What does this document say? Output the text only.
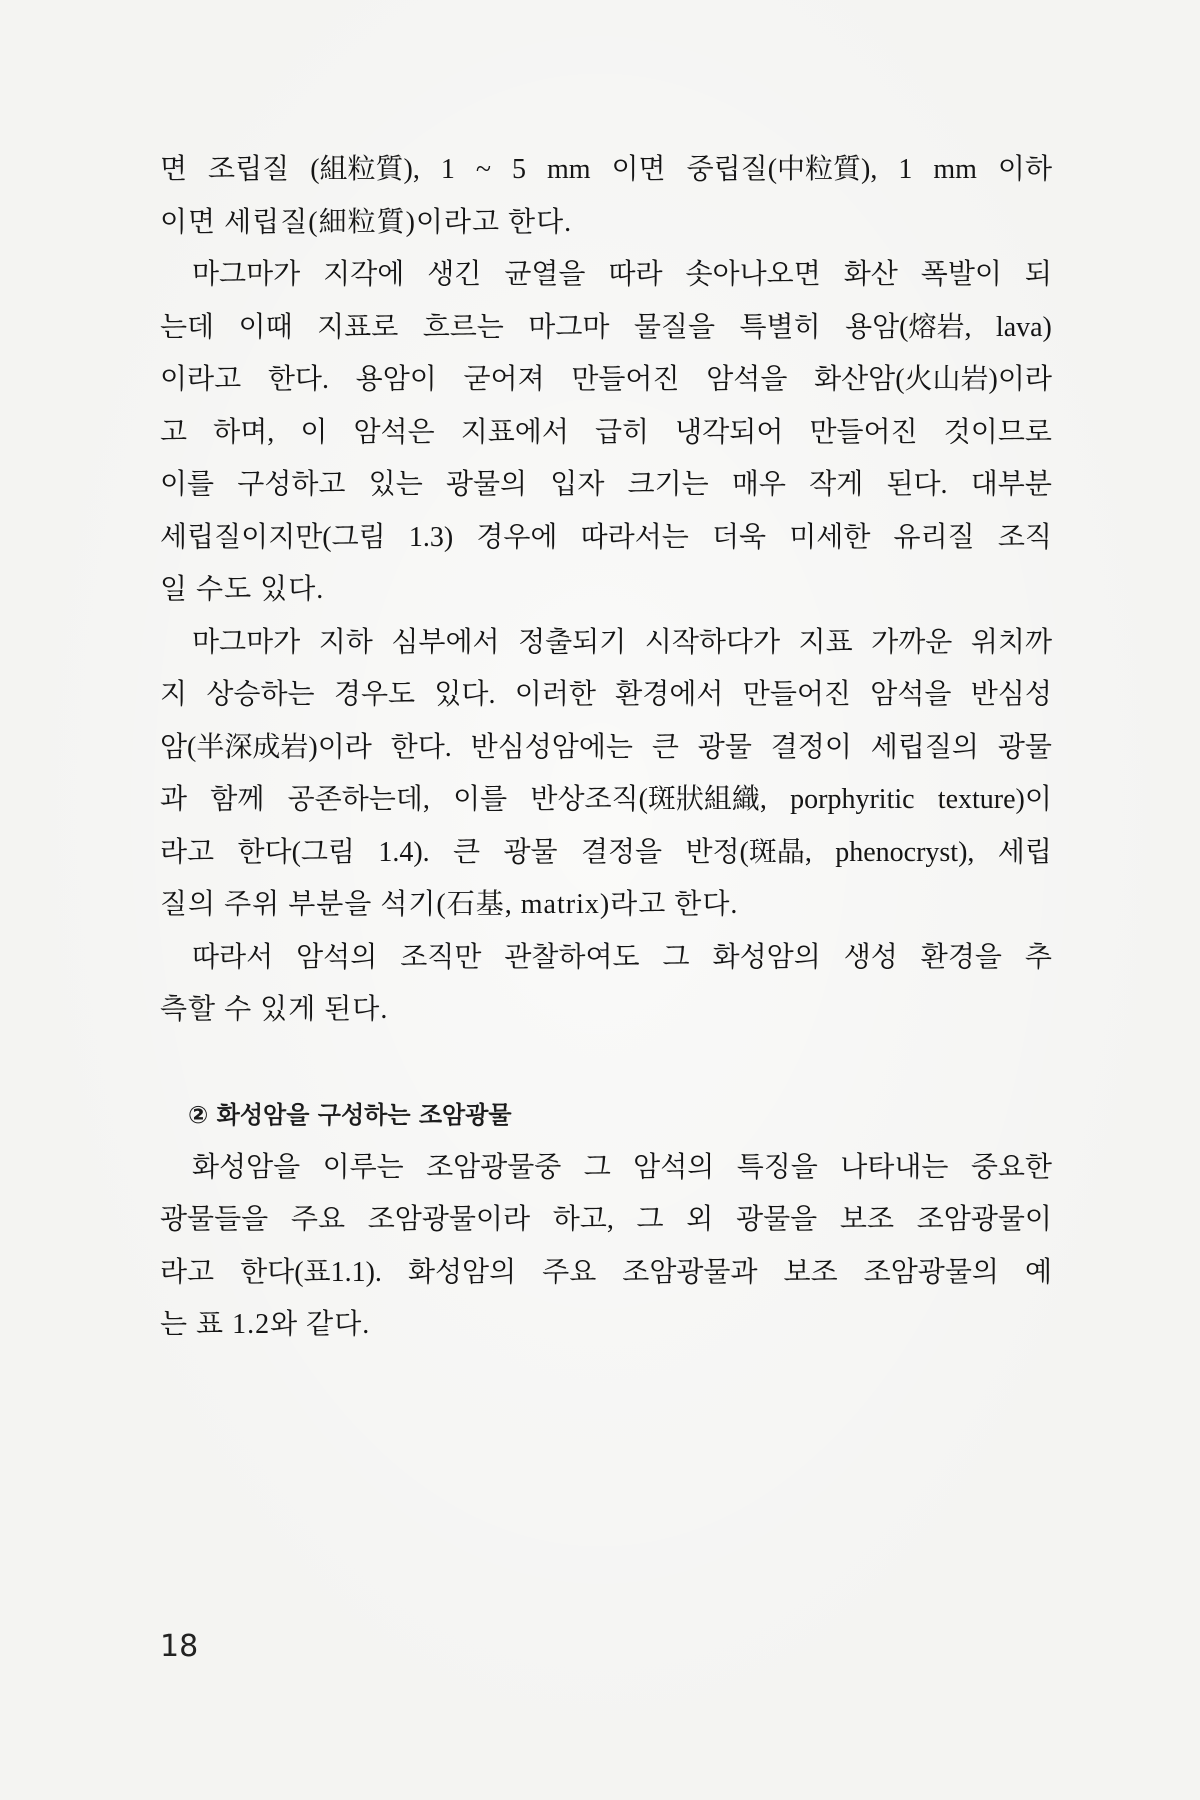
면 조립질 (組粒質), 1 ~ 5 mm 이면 중립질(中粒質), 1 mm 이하
이면 세립질(細粒質)이라고 한다.
마그마가 지각에 생긴 균열을 따라 솟아나오면 화산 폭발이 되
는데 이때 지표로 흐르는 마그마 물질을 특별히 용암(熔岩, lava)
이라고 한다. 용암이 굳어져 만들어진 암석을 화산암(火山岩)이라
고 하며, 이 암석은 지표에서 급히 냉각되어 만들어진 것이므로
이를 구성하고 있는 광물의 입자 크기는 매우 작게 된다. 대부분
세립질이지만(그림 1.3) 경우에 따라서는 더욱 미세한 유리질 조직
일 수도 있다.
마그마가 지하 심부에서 정출되기 시작하다가 지표 가까운 위치까
지 상승하는 경우도 있다. 이러한 환경에서 만들어진 암석을 반심성
암(半深成岩)이라 한다. 반심성암에는 큰 광물 결정이 세립질의 광물
과 함께 공존하는데, 이를 반상조직(斑狀組織, porphyritic texture)이
라고 한다(그림 1.4). 큰 광물 결정을 반정(斑晶, phenocryst), 세립
질의 주위 부분을 석기(石基, matrix)라고 한다.
따라서 암석의 조직만 관찰하여도 그 화성암의 생성 환경을 추
측할 수 있게 된다.
② 화성암을 구성하는 조암광물
화성암을 이루는 조암광물중 그 암석의 특징을 나타내는 중요한
광물들을 주요 조암광물이라 하고, 그 외 광물을 보조 조암광물이
라고 한다(표1.1). 화성암의 주요 조암광물과 보조 조암광물의 예
는 표 1.2와 같다.
18
